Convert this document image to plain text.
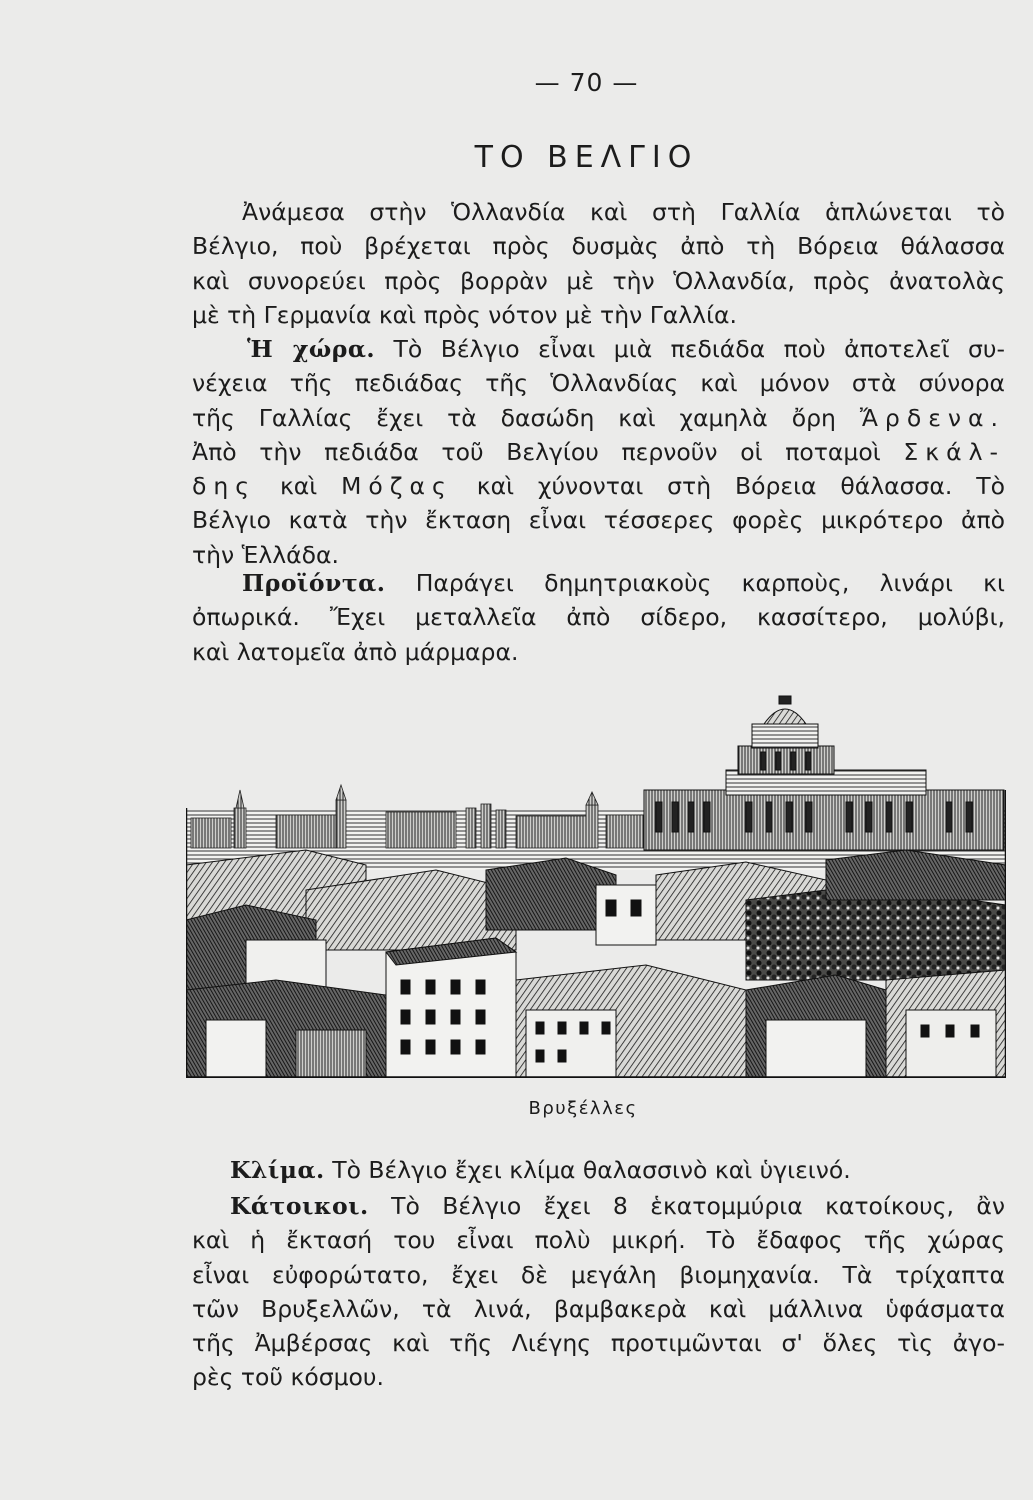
— 70 —
ΤΟ ΒΕΛΓΙΟ
Ἀνάμεσα στὴν Ὁλλανδία καὶ στὴ Γαλλία ἁπλώνεται τὸ
Βέλγιο, ποὺ βρέχεται πρὸς δυσμὰς ἀπὸ τὴ Βόρεια θάλασσα
καὶ συνορεύει πρὸς βορρὰν μὲ τὴν Ὁλλανδία, πρὸς ἀνατολὰς
μὲ τὴ Γερμανία καὶ πρὸς νότον μὲ τὴν Γαλλία.
Ἡ χώρα. Τὸ Βέλγιο εἶναι μιὰ πεδιάδα ποὺ ἀποτελεῖ συ-
νέχεια τῆς πεδιάδας τῆς Ὁλλανδίας καὶ μόνον στὰ σύνορα
τῆς Γαλλίας ἔχει τὰ δασώδη καὶ χαμηλὰ ὄρη Ἄρδενα.
Ἀπὸ τὴν πεδιάδα τοῦ Βελγίου περνοῦν οἱ ποταμοὶ Σκάλ-
δης καὶ Μόζας καὶ χύνονται στὴ Βόρεια θάλασσα. Τὸ
Βέλγιο κατὰ τὴν ἔκταση εἶναι τέσσερες φορὲς μικρότερο ἀπὸ
τὴν Ἑλλάδα.
Προϊόντα. Παράγει δημητριακοὺς καρποὺς, λινάρι κι
ὀπωρικά. Ἔχει μεταλλεῖα ἀπὸ σίδερο, κασσίτερο, μολύβι,
καὶ λατομεῖα ἀπὸ μάρμαρα.
Βρυξέλλες
Κλίμα. Τὸ Βέλγιο ἔχει κλίμα θαλασσινὸ καὶ ὑγιεινό.
Κάτοικοι. Τὸ Βέλγιο ἔχει 8 ἑκατομμύρια κατοίκους, ἂν
καὶ ἡ ἔκτασή του εἶναι πολὺ μικρή. Τὸ ἔδαφος τῆς χώρας
εἶναι εὐφορώτατο, ἔχει δὲ μεγάλη βιομηχανία. Τὰ τρίχαπτα
τῶν Βρυξελλῶν, τὰ λινά, βαμβακερὰ καὶ μάλλινα ὑφάσματα
τῆς Ἀμβέρσας καὶ τῆς Λιέγης προτιμῶνται σ' ὅλες τὶς ἀγο-
ρὲς τοῦ κόσμου.
